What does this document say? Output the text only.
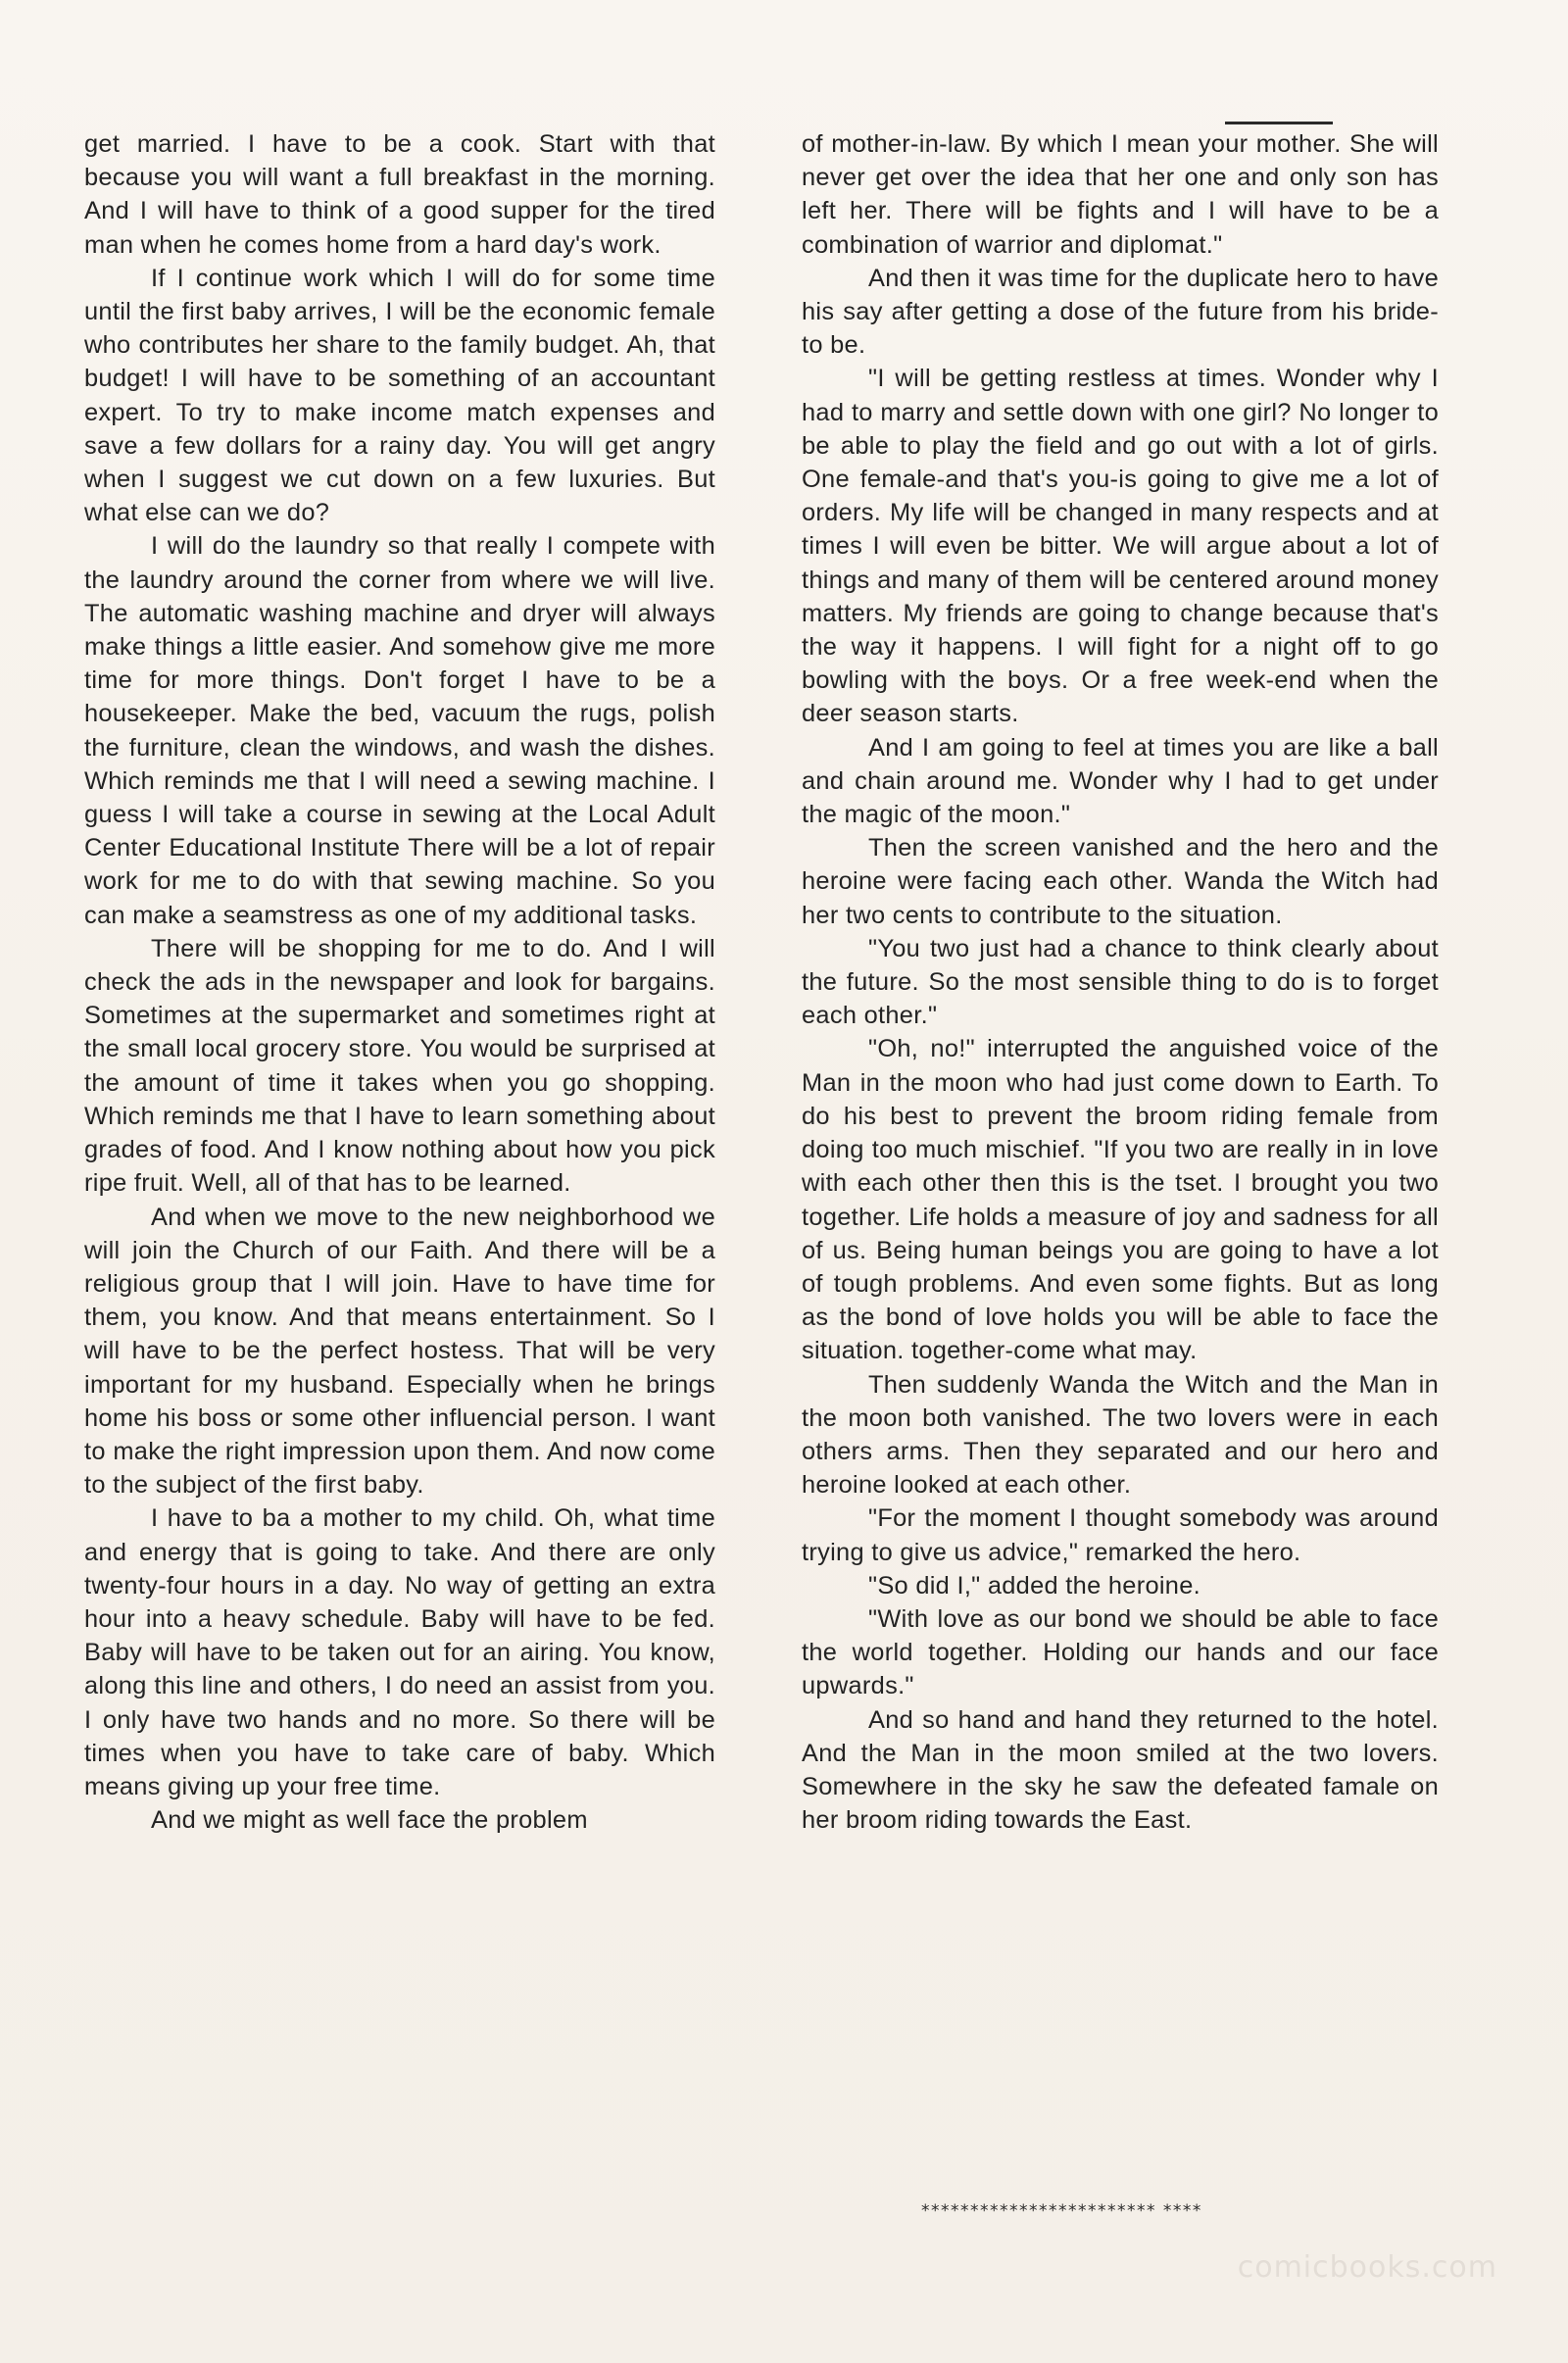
get married. I have to be a cook. Start with that because you will want a full breakfast in the morning. And I will have to think of a good supper for the tired man when he comes home from a hard day's work.

If I continue work which I will do for some time until the first baby arrives, I will be the economic female who contributes her share to the family budget. Ah, that budget! I will have to be something of an accountant expert. To try to make income match expenses and save a few dollars for a rainy day. You will get angry when I suggest we cut down on a few luxuries. But what else can we do?

I will do the laundry so that really I compete with the laundry around the corner from where we will live. The automatic washing machine and dryer will always make things a little easier. And somehow give me more time for more things. Don't forget I have to be a housekeeper. Make the bed, vacuum the rugs, polish the furniture, clean the windows, and wash the dishes. Which reminds me that I will need a sewing machine. I guess I will take a course in sewing at the Local Adult Center Educational Institute There will be a lot of repair work for me to do with that sewing machine. So you can make a seamstress as one of my additional tasks.

There will be shopping for me to do. And I will check the ads in the newspaper and look for bargains. Sometimes at the supermarket and sometimes right at the small local grocery store. You would be surprised at the amount of time it takes when you go shopping. Which reminds me that I have to learn something about grades of food. And I know nothing about how you pick ripe fruit. Well, all of that has to be learned.

And when we move to the new neighborhood we will join the Church of our Faith. And there will be a religious group that I will join. Have to have time for them, you know. And that means entertainment. So I will have to be the perfect hostess. That will be very important for my husband. Especially when he brings home his boss or some other influencial person. I want to make the right impression upon them. And now come to the subject of the first baby.

I have to ba a mother to my child. Oh, what time and energy that is going to take. And there are only twenty-four hours in a day. No way of getting an extra hour into a heavy schedule. Baby will have to be fed. Baby will have to be taken out for an airing. You know, along this line and others, I do need an assist from you. I only have two hands and no more. So there will be times when you have to take care of baby. Which means giving up your free time.

And we might as well face the problem

of mother-in-law. By which I mean your mother. She will never get over the idea that her one and only son has left her. There will be fights and I will have to be a combination of warrior and diplomat."

And then it was time for the duplicate hero to have his say after getting a dose of the future from his bride-to be.

"I will be getting restless at times. Wonder why I had to marry and settle down with one girl? No longer to be able to play the field and go out with a lot of girls. One female-and that's you-is going to give me a lot of orders. My life will be changed in many respects and at times I will even be bitter. We will argue about a lot of things and many of them will be centered around money matters. My friends are going to change because that's the way it happens. I will fight for a night off to go bowling with the boys. Or a free week-end when the deer season starts.

And I am going to feel at times you are like a ball and chain around me. Wonder why I had to get under the magic of the moon."

Then the screen vanished and the hero and the heroine were facing each other. Wanda the Witch had her two cents to contribute to the situation.

"You two just had a chance to think clearly about the future. So the most sensible thing to do is to forget each other."

"Oh, no!" interrupted the anguished voice of the Man in the moon who had just come down to Earth. To do his best to prevent the broom riding female from doing too much mischief. "If you two are really in in love with each other then this is the tset. I brought you two together. Life holds a measure of joy and sadness for all of us. Being human beings you are going to have a lot of tough problems. And even some fights. But as long as the bond of love holds you will be able to face the situation. together-come what may.

Then suddenly Wanda the Witch and the Man in the moon both vanished. The two lovers were in each others arms. Then they separated and our hero and heroine looked at each other.

"For the moment I thought somebody was around trying to give us advice," remarked the hero.

"So did I," added the heroine.

"With love as our bond we should be able to face the world together. Holding our hands and our face upwards."

And so hand and hand they returned to the hotel. And the Man in the moon smiled at the two lovers. Somewhere in the sky he saw the defeated famale on her broom riding towards the East.

************************ ****
comicbooks.com
